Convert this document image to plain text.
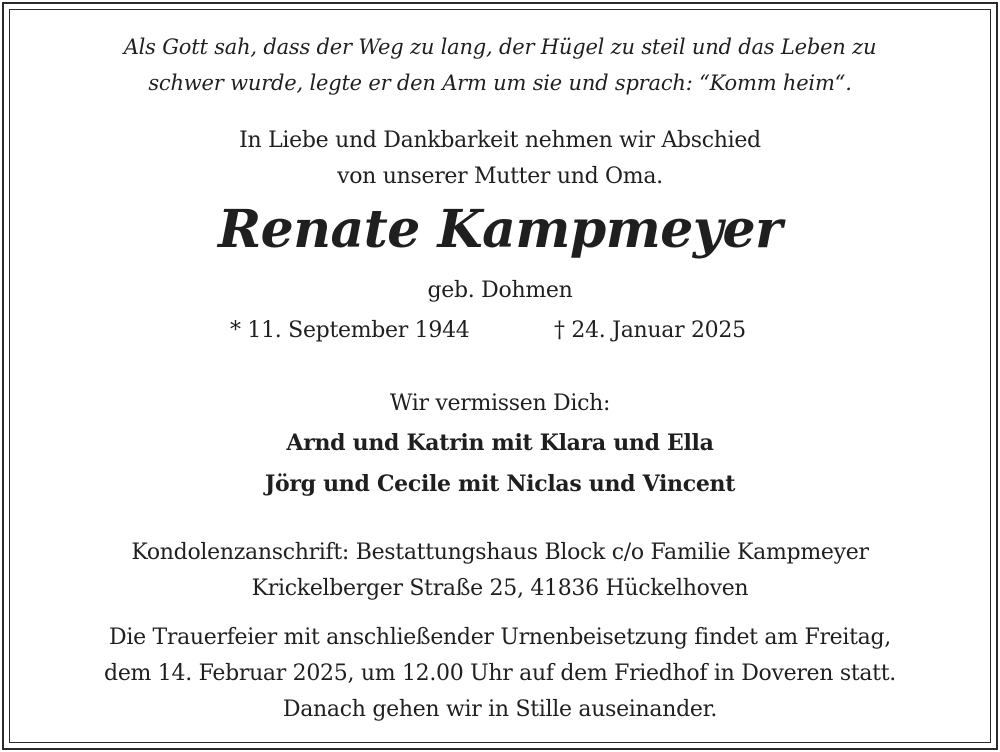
Als Gott sah, dass der Weg zu lang, der Hügel zu steil und das Leben zu
schwer wurde, legte er den Arm um sie und sprach: “Komm heim“.
In Liebe und Dankbarkeit nehmen wir Abschied
von unserer Mutter und Oma.
Renate Kampmeyer
geb. Dohmen
* 11. September 1944	† 24. Januar 2025
Wir vermissen Dich:
Arnd und Katrin mit Klara und Ella
Jörg und Cecile mit Niclas und Vincent
Kondolenzanschrift: Bestattungshaus Block c/o Familie Kampmeyer
Krickelberger Straße 25, 41836 Hückelhoven
Die Trauerfeier mit anschließender Urnenbeisetzung findet am Freitag,
dem 14. Februar 2025, um 12.00 Uhr auf dem Friedhof in Doveren statt.
Danach gehen wir in Stille auseinander.
